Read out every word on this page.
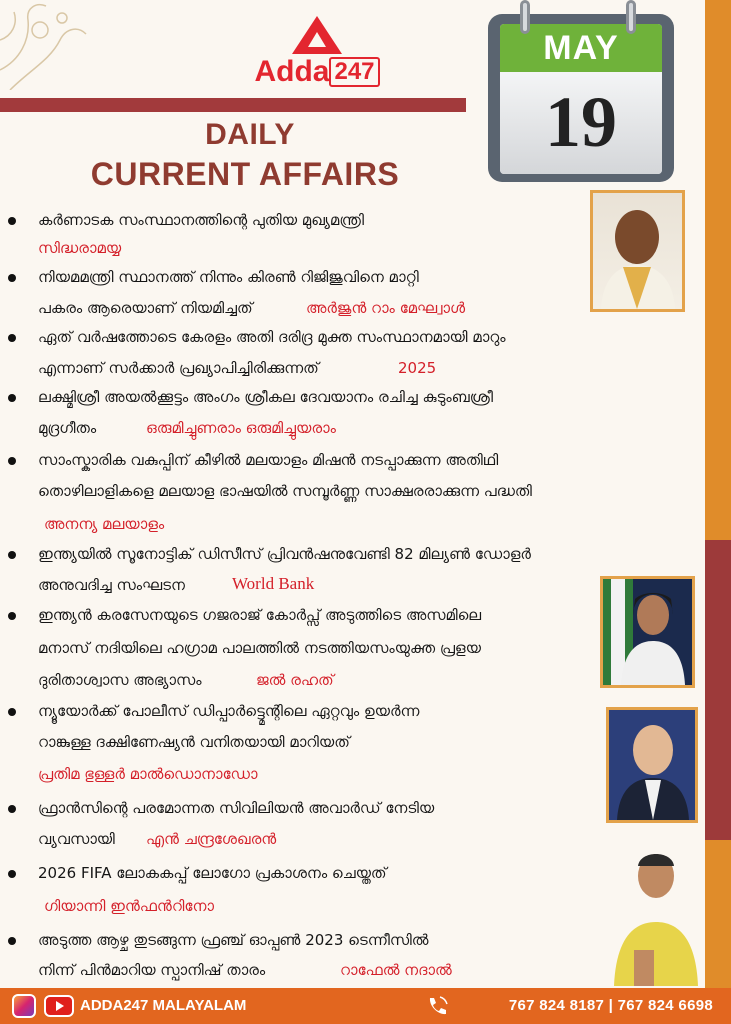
Adda 247
DAILY
CURRENT AFFAIRS
MAY
19
കർണാടക സംസ്ഥാനത്തിന്റെ പുതിയ മുഖ്യമന്ത്രി
സിദ്ധരാമയ്യ
നിയമമന്ത്രി സ്ഥാനത്ത് നിന്നും കിരൺ റിജിജുവിനെ മാറ്റി
പകരം ആരെയാണ് നിയമിച്ചത്	അർജുൻ റാം മേഘ്വാൾ
ഏത് വർഷത്തോടെ കേരളം അതി ദരിദ്ര മുക്ത സംസ്ഥാനമായി മാറും
എന്നാണ് സർക്കാർ പ്രഖ്യാപിച്ചിരിക്കുന്നത്	2025
ലക്ഷ്മിശ്രീ അയൽക്കൂട്ടം അംഗം ശ്രീകല ദേവയാനം രചിച്ച കുടുംബശ്രീ
മുദ്രഗീതം	ഒരുമിച്ചുണരാം ഒരുമിച്ചുയരാം
സാംസ്കാരിക വകുപ്പിന് കീഴിൽ മലയാളം മിഷൻ നടപ്പാക്കുന്ന അതിഥി
തൊഴിലാളികളെ മലയാള ഭാഷയിൽ സമ്പൂർണ്ണ സാക്ഷരരാക്കുന്ന പദ്ധതി
അനന്യ മലയാളം
ഇന്ത്യയിൽ സൂനോട്ടിക് ഡിസീസ് പ്രിവൻഷനുവേണ്ടി 82 മില്യൺ ഡോളർ
അനുവദിച്ച സംഘടന	World Bank
ഇന്ത്യൻ കരസേനയുടെ ഗജരാജ് കോർപ്സ് അടുത്തിടെ അസമിലെ
മനാസ് നദിയിലെ ഹഗ്രാമ പാലത്തിൽ നടത്തിയസംയുക്ത പ്രളയ
ദുരിതാശ്വാസ അഭ്യാസം	ജൽ രഹത്
ന്യൂയോർക്ക് പോലീസ് ഡിപ്പാർട്ട്മെന്റിലെ ഏറ്റവും ഉയർന്ന
റാങ്കുള്ള ദക്ഷിണേഷ്യൻ വനിതയായി മാറിയത്
പ്രതിമ ഭുള്ളർ മാൽഡൊനാഡോ
ഫ്രാൻസിന്റെ പരമോന്നത സിവിലിയൻ അവാർഡ് നേടിയ
വ്യവസായി എൻ ചന്ദ്രശേഖരൻ
2026 FIFA ലോകകപ്പ് ലോഗോ പ്രകാശനം ചെയ്തത്
ഗിയാന്നി ഇൻഫൻറിനോ
അടുത്ത ആഴ്ച തുടങ്ങുന്ന ഫ്രഞ്ച് ഓപ്പൺ 2023 ടെന്നീസിൽ
നിന്ന് പിൻമാറിയ സ്പാനിഷ് താരം	റാഫേൽ നദാൽ
ADDA247 MALAYALAM	767 824 8187 | 767 824 6698
